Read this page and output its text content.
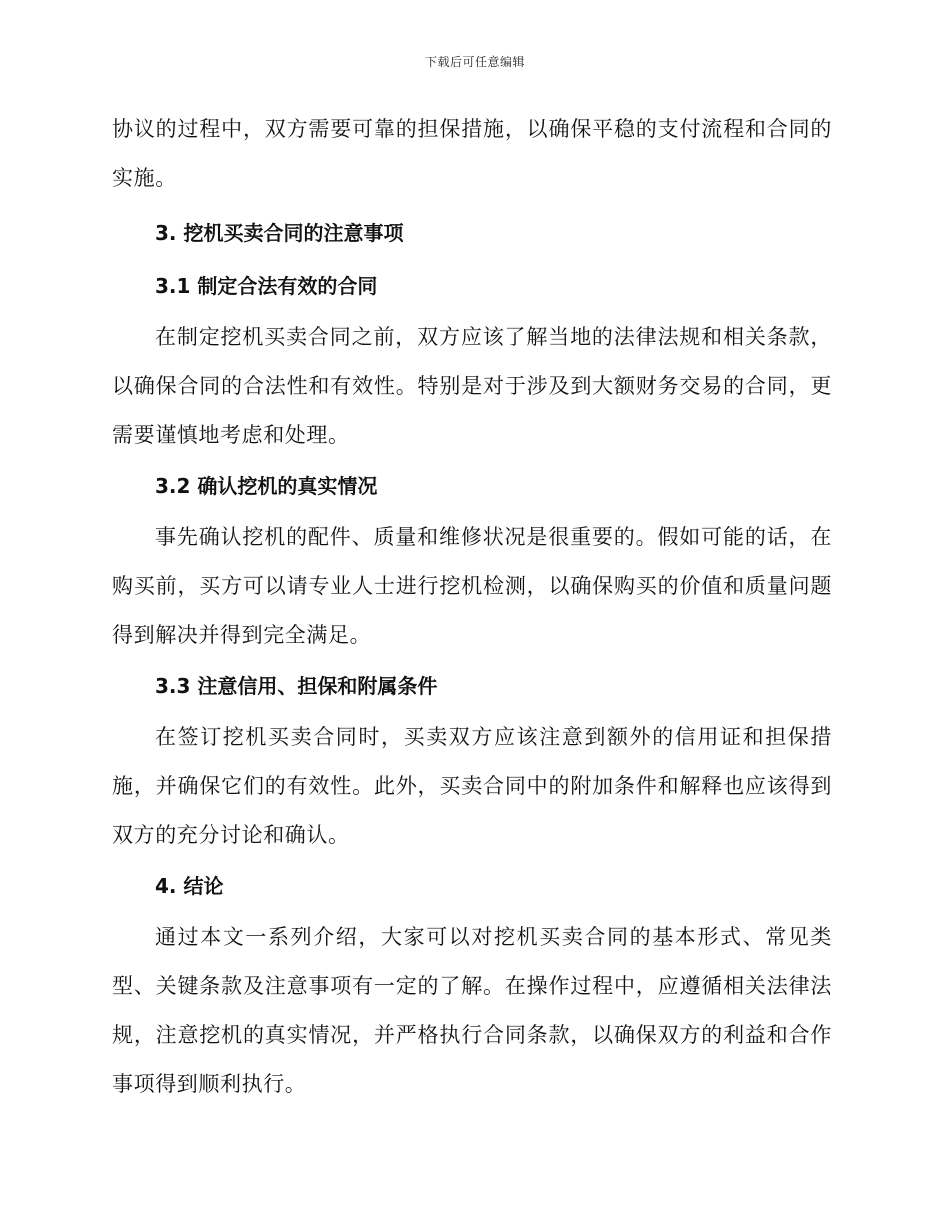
下载后可任意编辑

协议的过程中，双方需要可靠的担保措施，以确保平稳的支付流程和合同的实施。

3. 挖机买卖合同的注意事项
3.1 制定合法有效的合同

在制定挖机买卖合同之前，双方应该了解当地的法律法规和相关条款，以确保合同的合法性和有效性。特别是对于涉及到大额财务交易的合同，更需要谨慎地考虑和处理。

3.2 确认挖机的真实情况

事先确认挖机的配件、质量和维修状况是很重要的。假如可能的话，在购买前，买方可以请专业人士进行挖机检测，以确保购买的价值和质量问题得到解决并得到完全满足。

3.3 注意信用、担保和附属条件

在签订挖机买卖合同时，买卖双方应该注意到额外的信用证和担保措施，并确保它们的有效性。此外，买卖合同中的附加条件和解释也应该得到双方的充分讨论和确认。

4. 结论

通过本文一系列介绍，大家可以对挖机买卖合同的基本形式、常见类型、关键条款及注意事项有一定的了解。在操作过程中，应遵循相关法律法规，注意挖机的真实情况，并严格执行合同条款，以确保双方的利益和合作事项得到顺利执行。
